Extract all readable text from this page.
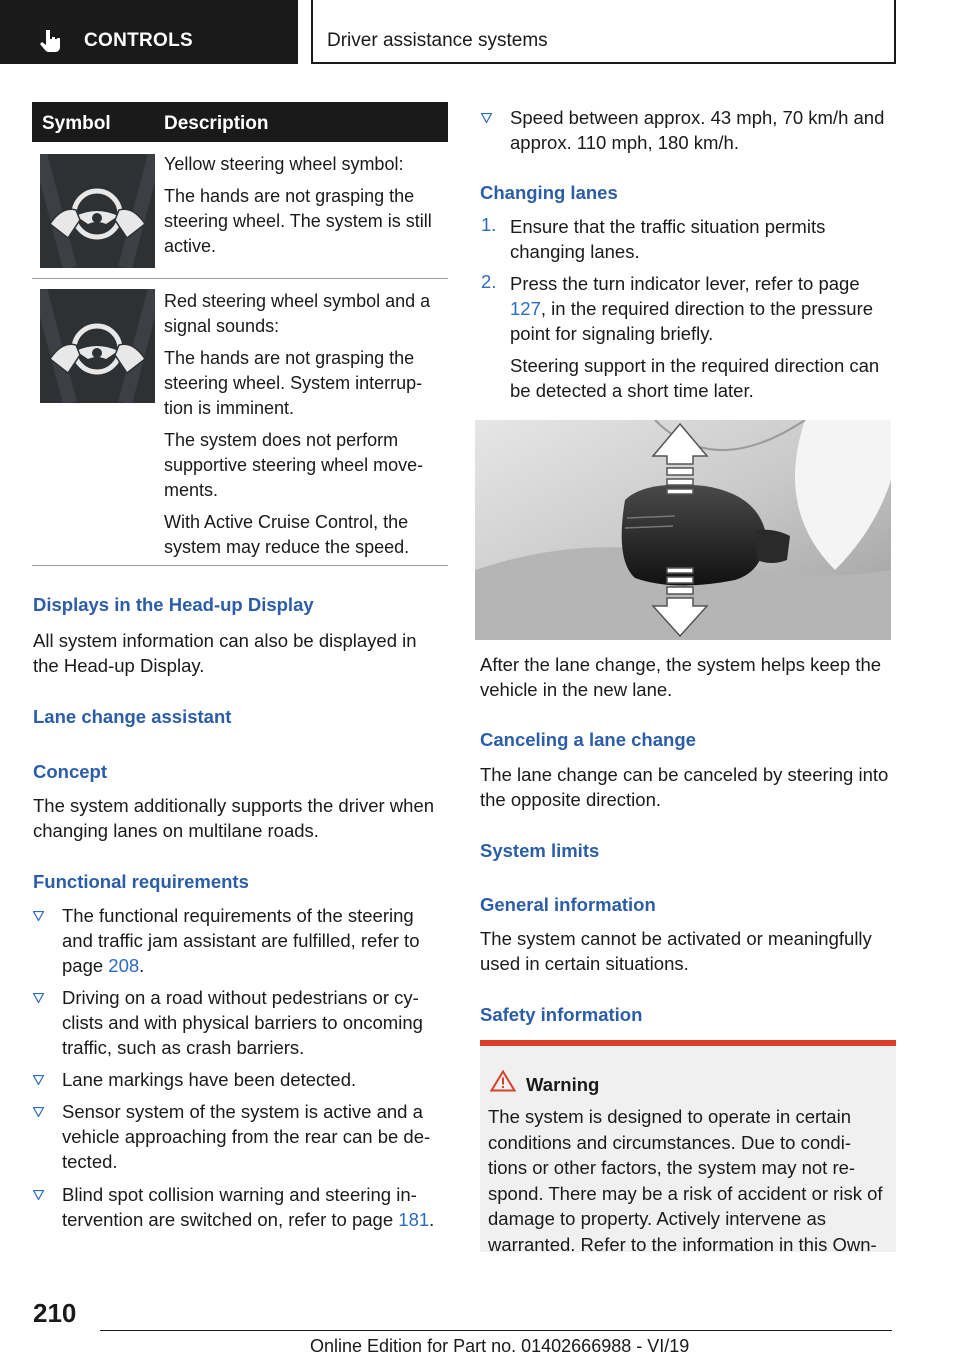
CONTROLS	Driver assistance systems
Symbol	Description

Yellow steering wheel symbol:

The hands are not grasping the steering wheel. The system is still active.

Red steering wheel symbol and a signal sounds:

The hands are not grasping the steering wheel. System interrup‐tion is imminent.

The system does not perform supportive steering wheel move‐ments.

With Active Cruise Control, the system may reduce the speed.

Displays in the Head-up Display
All system information can also be displayed in the Head-up Display.
Lane change assistant
Concept
The system additionally supports the driver when changing lanes on multilane roads.
Functional requirements
The functional requirements of the steering and traffic jam assistant are fulfilled, refer to page 208.
Driving on a road without pedestrians or cy‐clists and with physical barriers to oncoming traffic, such as crash barriers.
Lane markings have been detected.
Sensor system of the system is active and a vehicle approaching from the rear can be de‐tected.
Blind spot collision warning and steering in‐tervention are switched on, refer to page 181.
Speed between approx. 43 mph, 70 km/h and approx. 110 mph, 180 km/h.
Changing lanes
1. Ensure that the traffic situation permits changing lanes.
2. Press the turn indicator lever, refer to page 127, in the required direction to the pressure point for signaling briefly.
Steering support in the required direction can be detected a short time later.
After the lane change, the system helps keep the vehicle in the new lane.
Canceling a lane change
The lane change can be canceled by steering into the opposite direction.
System limits
General information
The system cannot be activated or meaningfully used in certain situations.
Safety information
Warning
The system is designed to operate in certain conditions and circumstances. Due to condi‐tions or other factors, the system may not re‐spond. There may be a risk of accident or risk of damage to property. Actively intervene as warranted. Refer to the information in this Own‐
210
Online Edition for Part no. 01402666988 - VI/19
